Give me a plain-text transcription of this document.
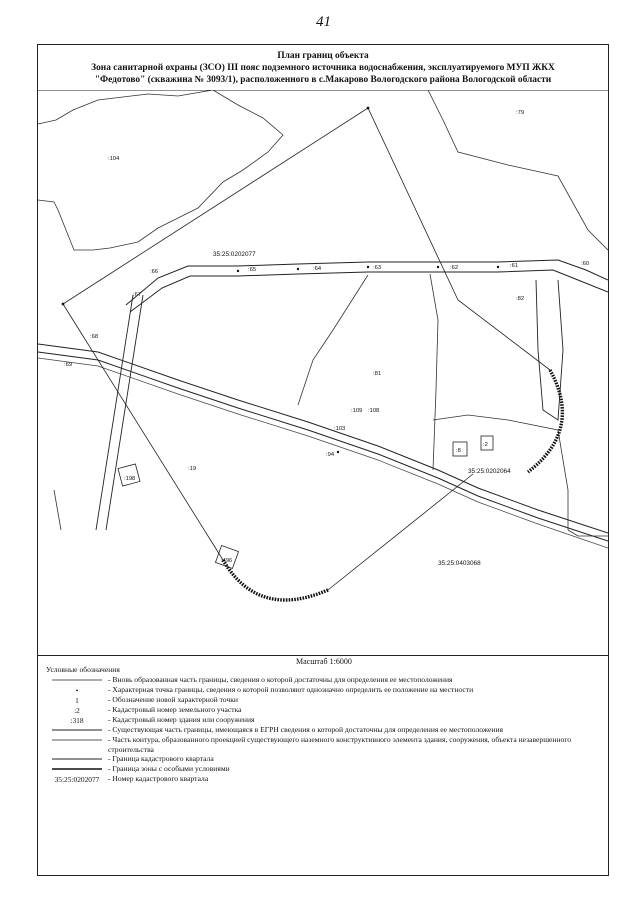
41
План границ объекта
Зона санитарной охраны (ЗСО) III пояс подземного источника водоснабжения, эксплуатируемого МУП ЖКХ
"Федотово" (скважина № 3093/1), расположенного в с.Макарово Вологодского района Вологодской области
:104
:79
:66	:65	:64	:63	:62	:61	:60
:67
:82
:68
:69
:81
:109 :108
:103
:94
:19
:198
:8
:2
:496
35:25:0202077
35:25:0202064
35:25:0403068
Масштаб 1:6000
Условные обозначения
- Вновь образованная часть границы, сведения о которой достаточны для определения ее местоположения
•	- Характерная точка границы, сведения о которой позволяют однозначно определить ее положение на местности
1	- Обозначение новой характерной точки
:2	- Кадастровый номер земельного участка
:318	- Кадастровый номер здания или сооружения
- Существующая часть границы, имеющаяся в ЕГРН сведения о которой достаточны для определения ее местоположения
- Часть контура, образованного проекцией существующего наземного конструктивного элемента здания, сооружения, объекта незавершенного строительства
- Граница кадастрового квартала
- Граница зоны с особыми условиями
35:25:0202077	- Номер кадастрового квартала
